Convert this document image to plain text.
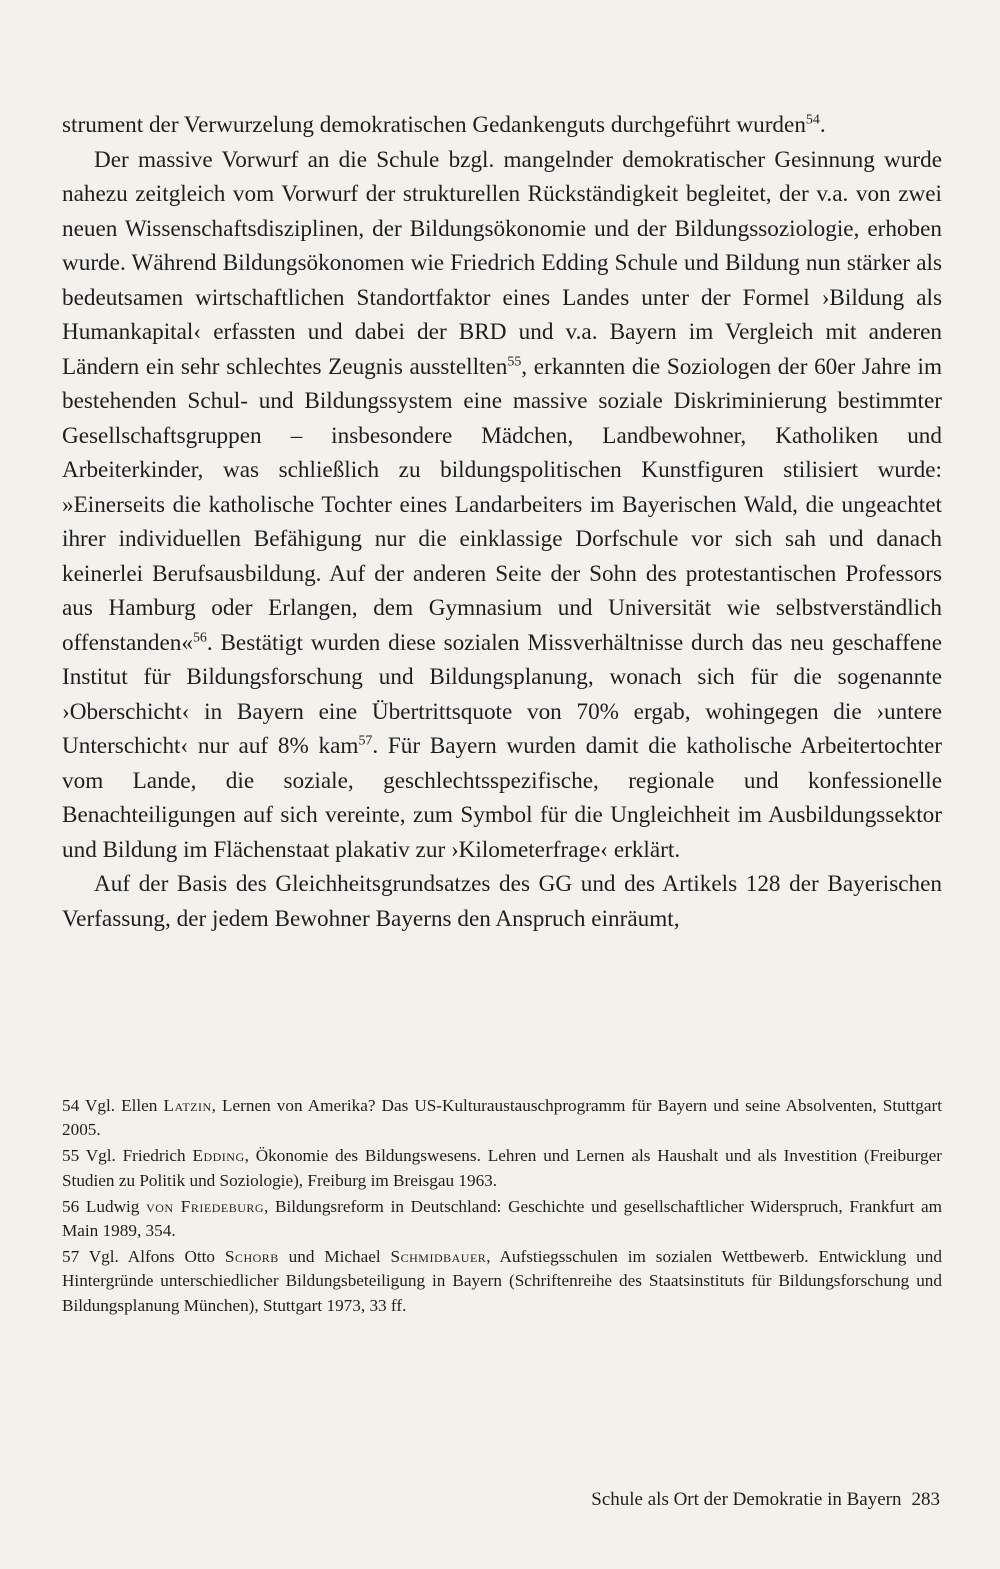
strument der Verwurzelung demokratischen Gedankenguts durchgeführt wurden$^{54}$.

Der massive Vorwurf an die Schule bzgl. mangelnder demokratischer Gesinnung wurde nahezu zeitgleich vom Vorwurf der strukturellen Rückständigkeit begleitet, der v.a. von zwei neuen Wissenschaftsdisziplinen, der Bildungsökonomie und der Bildungssoziologie, erhoben wurde. Während Bildungsökonomen wie Friedrich Edding Schule und Bildung nun stärker als bedeutsamen wirtschaftlichen Standortfaktor eines Landes unter der Formel ›Bildung als Humankapital‹ erfassten und dabei der BRD und v.a. Bayern im Vergleich mit anderen Ländern ein sehr schlechtes Zeugnis ausstellten$^{55}$, erkannten die Soziologen der 60er Jahre im bestehenden Schul- und Bildungssystem eine massive soziale Diskriminierung bestimmter Gesellschaftsgruppen – insbesondere Mädchen, Landbewohner, Katholiken und Arbeiterkinder, was schließlich zu bildungspolitischen Kunstfiguren stilisiert wurde: »Einerseits die katholische Tochter eines Landarbeiters im Bayerischen Wald, die ungeachtet ihrer individuellen Befähigung nur die einklassige Dorfschule vor sich sah und danach keinerlei Berufsausbildung. Auf der anderen Seite der Sohn des protestantischen Professors aus Hamburg oder Erlangen, dem Gymnasium und Universität wie selbstverständlich offenstanden«$^{56}$. Bestätigt wurden diese sozialen Missverhältnisse durch das neu geschaffene Institut für Bildungsforschung und Bildungsplanung, wonach sich für die sogenannte ›Oberschicht‹ in Bayern eine Übertrittsquote von 70% ergab, wohingegen die ›untere Unterschicht‹ nur auf 8% kam$^{57}$. Für Bayern wurden damit die katholische Arbeitertochter vom Lande, die soziale, geschlechtsspezifische, regionale und konfessionelle Benachteiligungen auf sich vereinte, zum Symbol für die Ungleichheit im Ausbildungssektor und Bildung im Flächenstaat plakativ zur ›Kilometerfrage‹ erklärt.

Auf der Basis des Gleichheitsgrundsatzes des GG und des Artikels 128 der Bayerischen Verfassung, der jedem Bewohner Bayerns den Anspruch einräumt,

54 Vgl. Ellen Latzin, Lernen von Amerika? Das US-Kulturaustauschprogramm für Bayern und seine Absolventen, Stuttgart 2005.

55 Vgl. Friedrich Edding, Ökonomie des Bildungswesens. Lehren und Lernen als Haushalt und als Investition (Freiburger Studien zu Politik und Soziologie), Freiburg im Breisgau 1963.

56 Ludwig von Friedeburg, Bildungsreform in Deutschland: Geschichte und gesellschaftlicher Widerspruch, Frankfurt am Main 1989, 354.

57 Vgl. Alfons Otto Schorb und Michael Schmidbauer, Aufstiegsschulen im sozialen Wettbewerb. Entwicklung und Hintergründe unterschiedlicher Bildungsbeteiligung in Bayern (Schriftenreihe des Staatsinstituts für Bildungsforschung und Bildungsplanung München), Stuttgart 1973, 33 ff.

Schule als Ort der Demokratie in Bayern 283
